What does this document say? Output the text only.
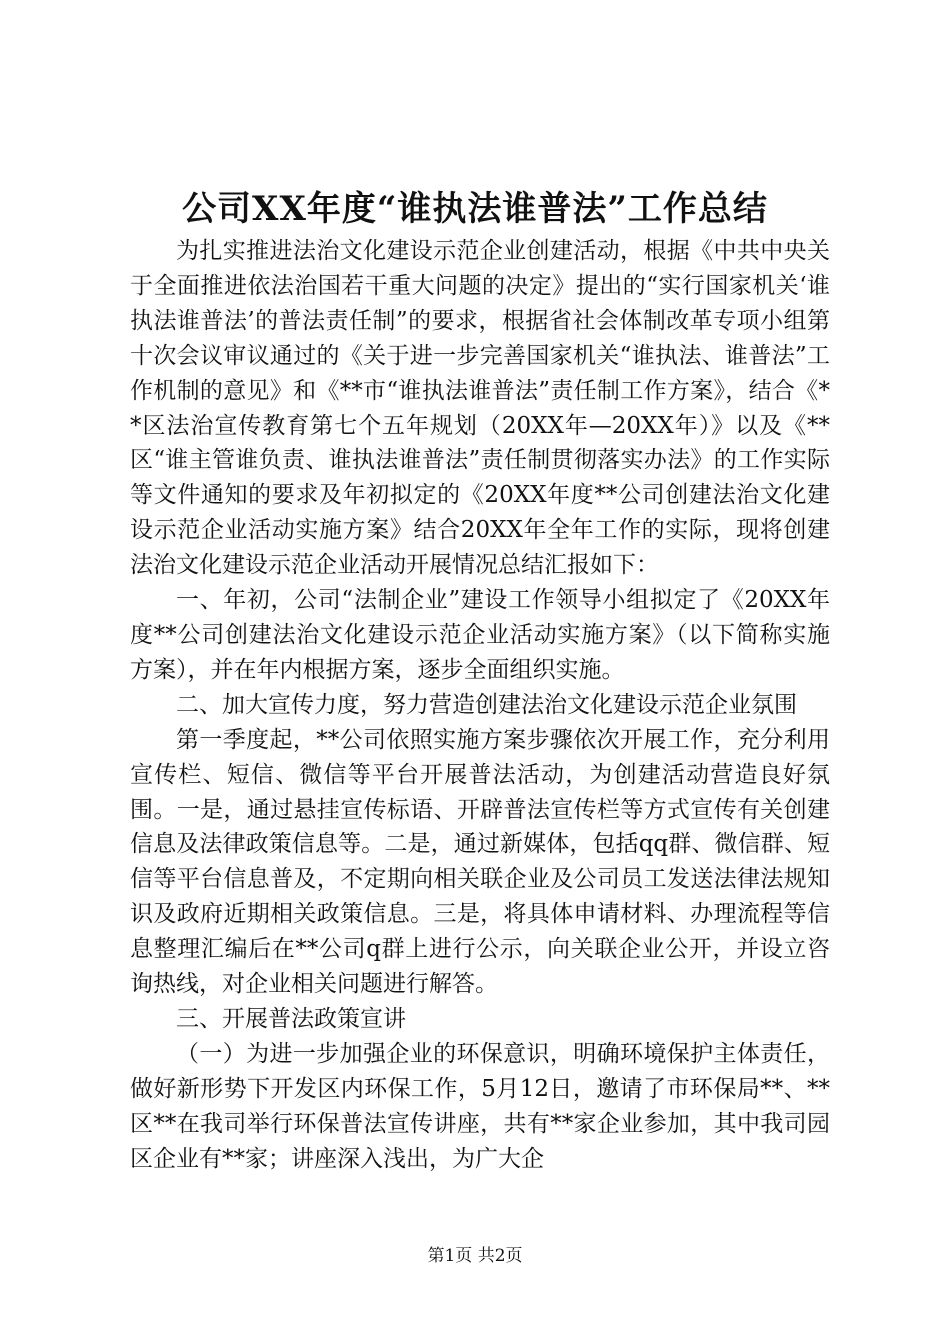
公司XX年度“谁执法谁普法”工作总结

为扎实推进法治文化建设示范企业创建活动，根据《中共中央关于全面推进依法治国若干重大问题的决定》提出的“实行国家机关‘谁执法谁普法’的普法责任制”的要求，根据省社会体制改革专项小组第十次会议审议通过的《关于进一步完善国家机关“谁执法、谁普法”工作机制的意见》和《**市“谁执法谁普法”责任制工作方案》，结合《**区法治宣传教育第七个五年规划（20XX年—20XX年）》以及《**区“谁主管谁负责、谁执法谁普法”责任制贯彻落实办法》的工作实际等文件通知的要求及年初拟定的《20XX年度**公司创建法治文化建设示范企业活动实施方案》结合20XX年全年工作的实际，现将创建法治文化建设示范企业活动开展情况总结汇报如下：

一、年初，公司“法制企业”建设工作领导小组拟定了《20XX年度**公司创建法治文化建设示范企业活动实施方案》（以下简称实施方案），并在年内根据方案，逐步全面组织实施。

二、加大宣传力度，努力营造创建法治文化建设示范企业氛围

第一季度起，**公司依照实施方案步骤依次开展工作，充分利用宣传栏、短信、微信等平台开展普法活动，为创建活动营造良好氛围。一是，通过悬挂宣传标语、开辟普法宣传栏等方式宣传有关创建信息及法律政策信息等。二是，通过新媒体，包括qq群、微信群、短信等平台信息普及，不定期向相关联企业及公司员工发送法律法规知识及政府近期相关政策信息。三是，将具体申请材料、办理流程等信息整理汇编后在**公司q群上进行公示，向关联企业公开，并设立咨询热线，对企业相关问题进行解答。

三、开展普法政策宣讲

（一）为进一步加强企业的环保意识，明确环境保护主体责任，做好新形势下开发区内环保工作，5月12日，邀请了市环保局**、**区**在我司举行环保普法宣传讲座，共有**家企业参加，其中我司园区企业有**家；讲座深入浅出，为广大企

第1页 共2页
